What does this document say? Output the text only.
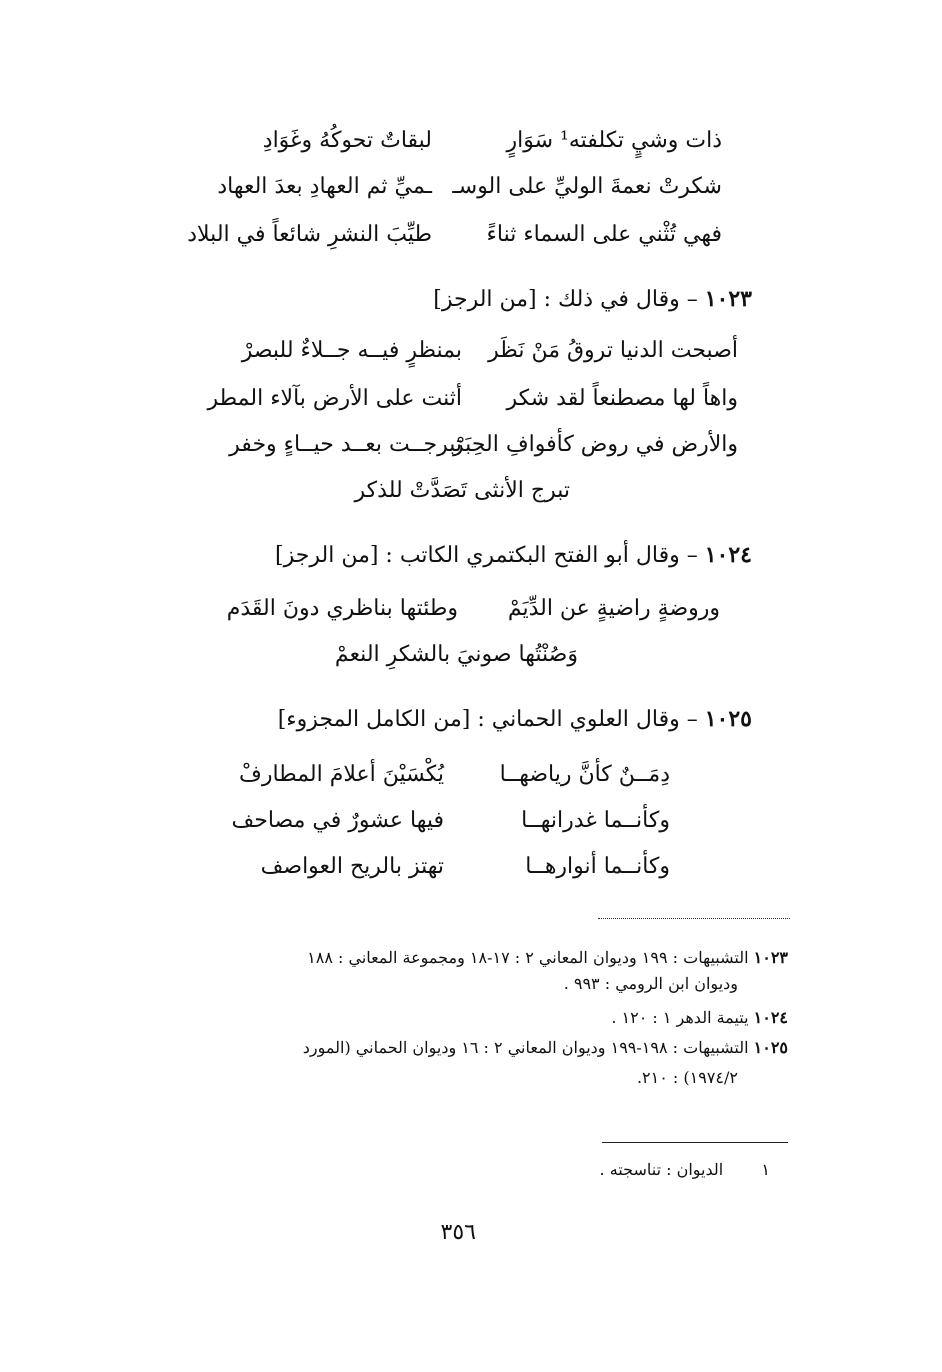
ذات وشيٍ تكلفته¹ سَوَارٍ
لبقاتٌ تحوكُهُ وغَوَادِ
شكرتْ نعمةَ الوليِّ على الوسـ
ـميِّ ثم العهادِ بعدَ العهاد
فهي تُثْني على السماء ثناءً
طيِّبَ النشرِ شائعاً في البلاد
١٠٢٣ – وقال في ذلك : [من الرجز]
أصبحت الدنيا تروقُ مَنْ نَظَر
بمنظرٍ فيــه جــلاءٌ للبصرْ
واهاً لها مصطنعاً لقد شكر
أثنت على الأرض بآلاء المطر
والأرض في روض كأفوافِ الحِبَرْ
تبرجــت بعــد حيــاءٍ وخفر
تبرج الأنثى تَصَدَّتْ للذكر
١٠٢٤ – وقال أبو الفتح البكتمري الكاتب : [من الرجز]
وروضةٍ راضيةٍ عن الدِّيَمْ
وطئتها بناظري دونَ القَدَم
وَصُنْتُها صونيَ بالشكرِ النعمْ
١٠٢٥ – وقال العلوي الحماني : [من الكامل المجزوء]
دِمَــنٌ كأنَّ رياضهــا
يُكْسَيْنَ أعلامَ المطارفْ
وكأنــما غدرانهــا
فيها عشورٌ في مصاحف
وكأنــما أنوارهــا
تهتز بالريح العواصف
١٠٢٣ التشبيهات : ١٩٩ وديوان المعاني ٢ : ١٧-١٨ ومجموعة المعاني : ١٨٨
وديوان ابن الرومي : ٩٩٣ .
١٠٢٤ يتيمة الدهر ١ : ١٢٠ .
١٠٢٥ التشبيهات : ١٩٨-١٩٩ وديوان المعاني ٢ : ١٦ وديوان الحماني (المورد
١٩٧٤/٢) : ٢١٠.
١  الديوان : تناسجته .
٣٥٦
